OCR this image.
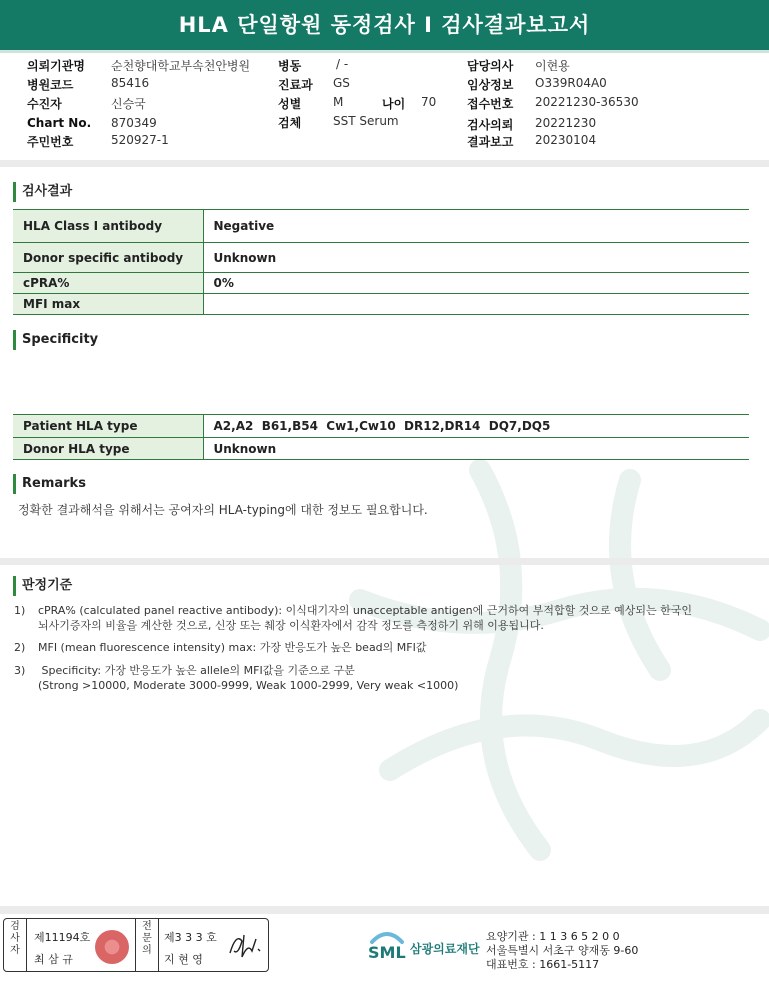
HLA 단일항원 동정검사 I 검사결과보고서
의뢰기관명 순천향대학교부속천안병원
병원코드	85416
수진자	신승국
Chart No. 870349
주민번호	520927-1
병동	/ -
진료과 GS
성별	M	나이 70
검체	SST Serum
담당의사 이현용
임상정보 O339R04A0
접수번호 20221230-36530
검사의뢰 20221230
결과보고 20230104
검사결과
HLA Class I antibody	Negative
Donor specific antibody	Unknown
cPRA%	0%
MFI max	
Specificity
Patient HLA type	A2,A2  B61,B54  Cw1,Cw10  DR12,DR14  DQ7,DQ5
Donor HLA type	Unknown
Remarks
정확한 결과해석을 위해서는 공여자의 HLA-typing에 대한 정보도 필요합니다.
판정기준
1) cPRA% (calculated panel reactive antibody): 이식대기자의 unacceptable antigen에 근거하여 부적합할 것으로 예상되는 한국인
뇌사기증자의 비율을 계산한 것으로, 신장 또는 췌장 이식환자에서 감작 정도를 측정하기 위해 이용됩니다.
2) MFI (mean fluorescence intensity) max: 가장 반응도가 높은 bead의 MFI값
3) Specificity: 가장 반응도가 높은 allele의 MFI값을 기준으로 구분
(Strong >10000, Moderate 3000-9999, Weak 1000-2999, Very weak <1000)
검
사
자
제11194호
최 삼 규
전
문
의
제3 3 3 호
지 현 영	SML 삼광의료재단
요양기관 : 1 1 3 6 5 2 0 0
서울특별시 서초구 양재동 9-60
대표번호 : 1661-5117
